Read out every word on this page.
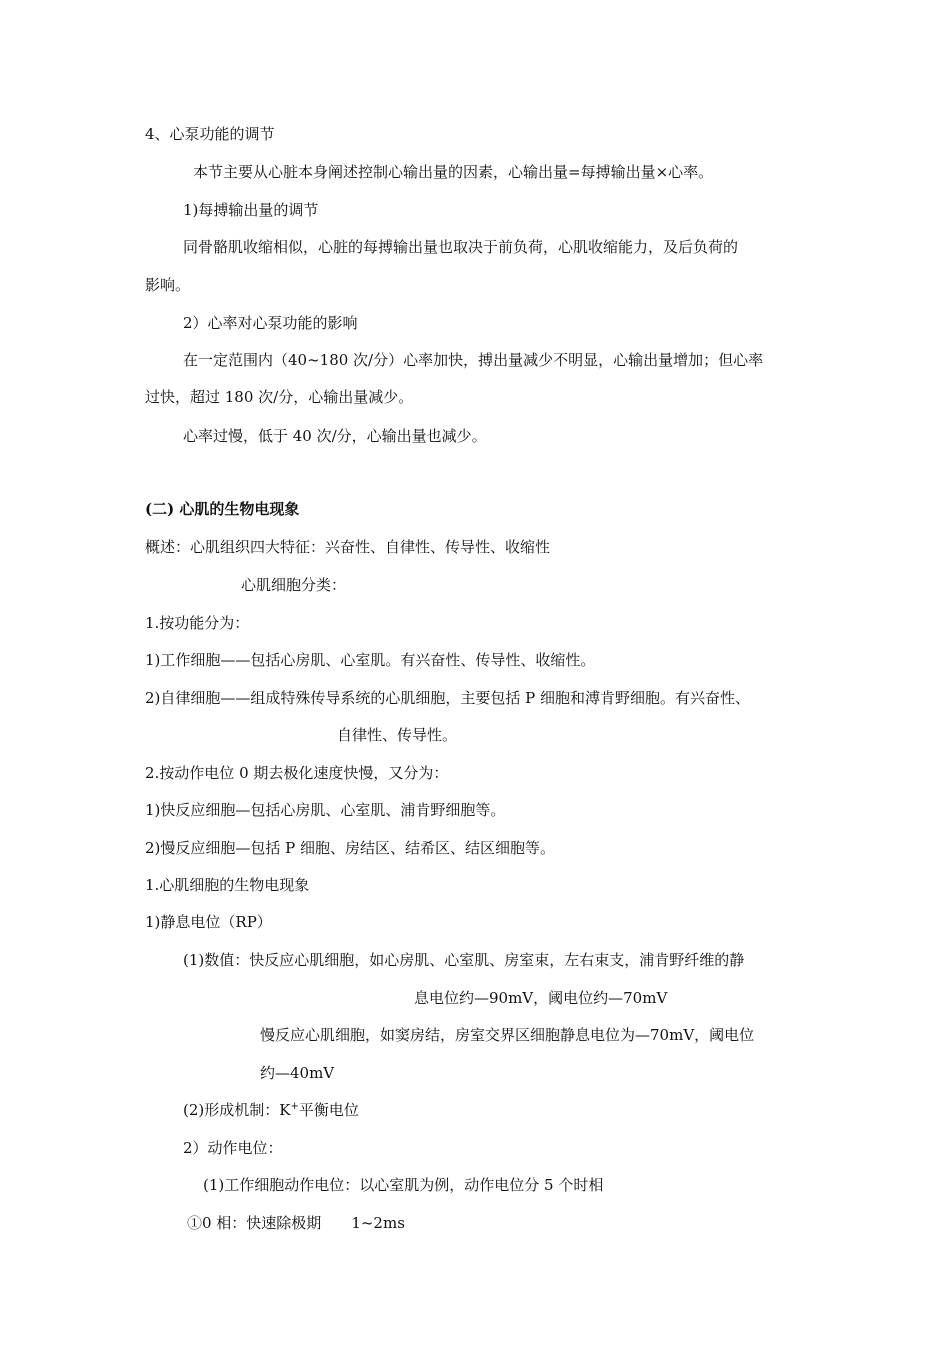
4、心泵功能的调节
本节主要从心脏本身阐述控制心输出量的因素，心输出量=每搏输出量×心率。
1)每搏输出量的调节
同骨骼肌收缩相似，心脏的每搏输出量也取决于前负荷，心肌收缩能力，及后负荷的
影响。
2）心率对心泵功能的影响
在一定范围内（40~180 次/分）心率加快，搏出量减少不明显，心输出量增加；但心率
过快，超过 180 次/分，心输出量减少。
心率过慢，低于 40 次/分，心输出量也减少。
(二) 心肌的生物电现象
概述：心肌组织四大特征：兴奋性、自律性、传导性、收缩性
心肌细胞分类：
1.按功能分为：
1)工作细胞——包括心房肌、心室肌。有兴奋性、传导性、收缩性。
2)自律细胞——组成特殊传导系统的心肌细胞，主要包括 P 细胞和溥肯野细胞。有兴奋性、
自律性、传导性。
2.按动作电位 0 期去极化速度快慢，又分为：
1)快反应细胞—包括心房肌、心室肌、浦肯野细胞等。
2)慢反应细胞—包括 P 细胞、房结区、结希区、结区细胞等。
1.心肌细胞的生物电现象
1)静息电位（RP）
(1)数值：快反应心肌细胞，如心房肌、心室肌、房室束，左右束支，浦肯野纤维的静
息电位约—90mV，阈电位约—70mV
慢反应心肌细胞，如窦房结，房室交界区细胞静息电位为—70mV，阈电位
约—40mV
(2)形成机制：K+平衡电位
2）动作电位：
(1)工作细胞动作电位：以心室肌为例，动作电位分 5 个时相
①0 相：快速除极期　　1~2ms
